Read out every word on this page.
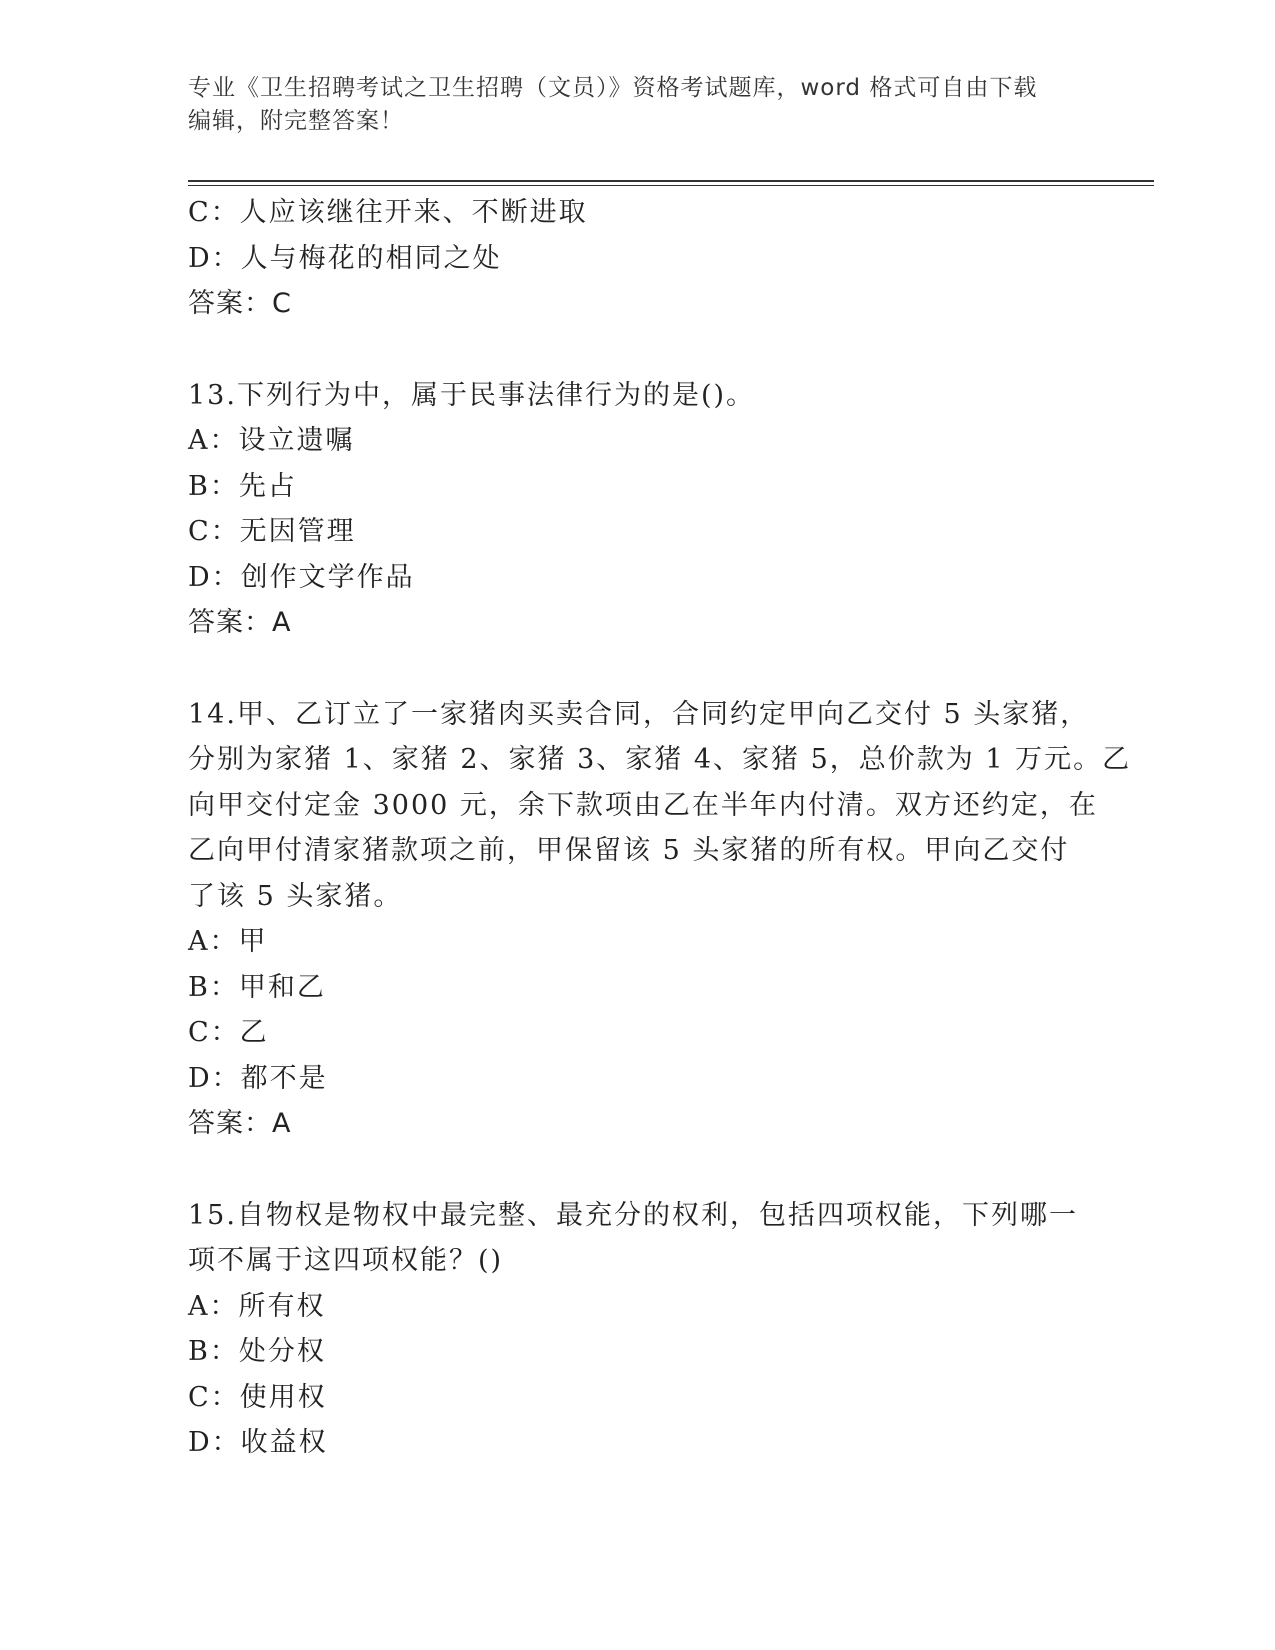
专业《卫生招聘考试之卫生招聘（文员）》资格考试题库，word 格式可自由下载
编辑，附完整答案！
C：人应该继往开来、不断进取
D：人与梅花的相同之处
答案：C
13.下列行为中，属于民事法律行为的是()。
A：设立遗嘱
B：先占
C：无因管理
D：创作文学作品
答案：A
14.甲、乙订立了一家猪肉买卖合同，合同约定甲向乙交付 5 头家猪，
分别为家猪 1、家猪 2、家猪 3、家猪 4、家猪 5，总价款为 1 万元。乙
向甲交付定金 3000 元，余下款项由乙在半年内付清。双方还约定，在
乙向甲付清家猪款项之前，甲保留该 5 头家猪的所有权。甲向乙交付
了该 5 头家猪。
A：甲
B：甲和乙
C：乙
D：都不是
答案：A
15.自物权是物权中最完整、最充分的权利，包括四项权能，下列哪一
项不属于这四项权能？()
A：所有权
B：处分权
C：使用权
D：收益权
